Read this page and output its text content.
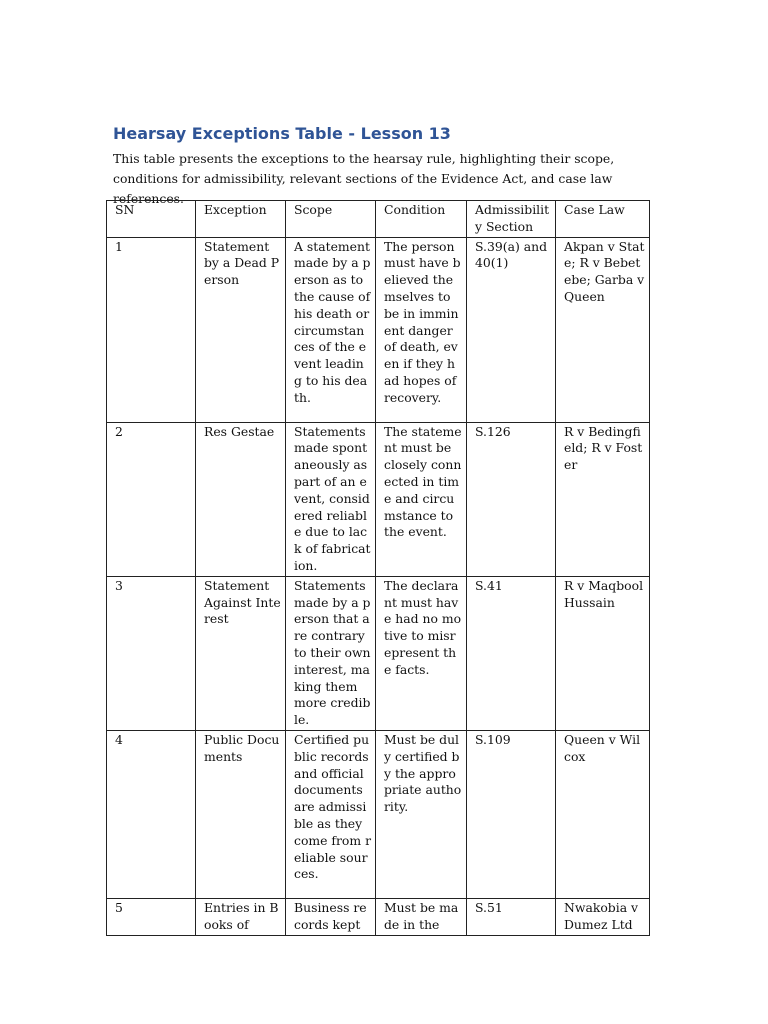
Hearsay Exceptions Table - Lesson 13
This table presents the exceptions to the hearsay rule, highlighting their scope, conditions for admissibility, relevant sections of the Evidence Act, and case law references.
SN	Exception	Scope	Condition	Admissibility Section	Case Law
1	Statement by a Dead Person	A statement made by a person as to the cause of his death or circumstances of the event leading to his death.	The person must have believed themselves to be in imminent danger of death, even if they had hopes of recovery.	S.39(a) and 40(1)	Akpan v State; R v Bebetebe; Garba v Queen
2	Res Gestae	Statements made spontaneously as part of an event, considered reliable due to lack of fabrication.	The statement must be closely connected in time and circumstance to the event.	S.126	R v Bedingfield; R v Foster
3	Statement Against Interest	Statements made by a person that are contrary to their own interest, making them more credible.	The declarant must have had no motive to misrepresent the facts.	S.41	R v Maqbool Hussain
4	Public Documents	Certified public records and official documents are admissible as they come from reliable sources.	Must be duly certified by the appropriate authority.	S.109	Queen v Wilcox
5	Entries in Books of	Business records kept	Must be made in the	S.51	Nwakobia v Dumez Ltd
